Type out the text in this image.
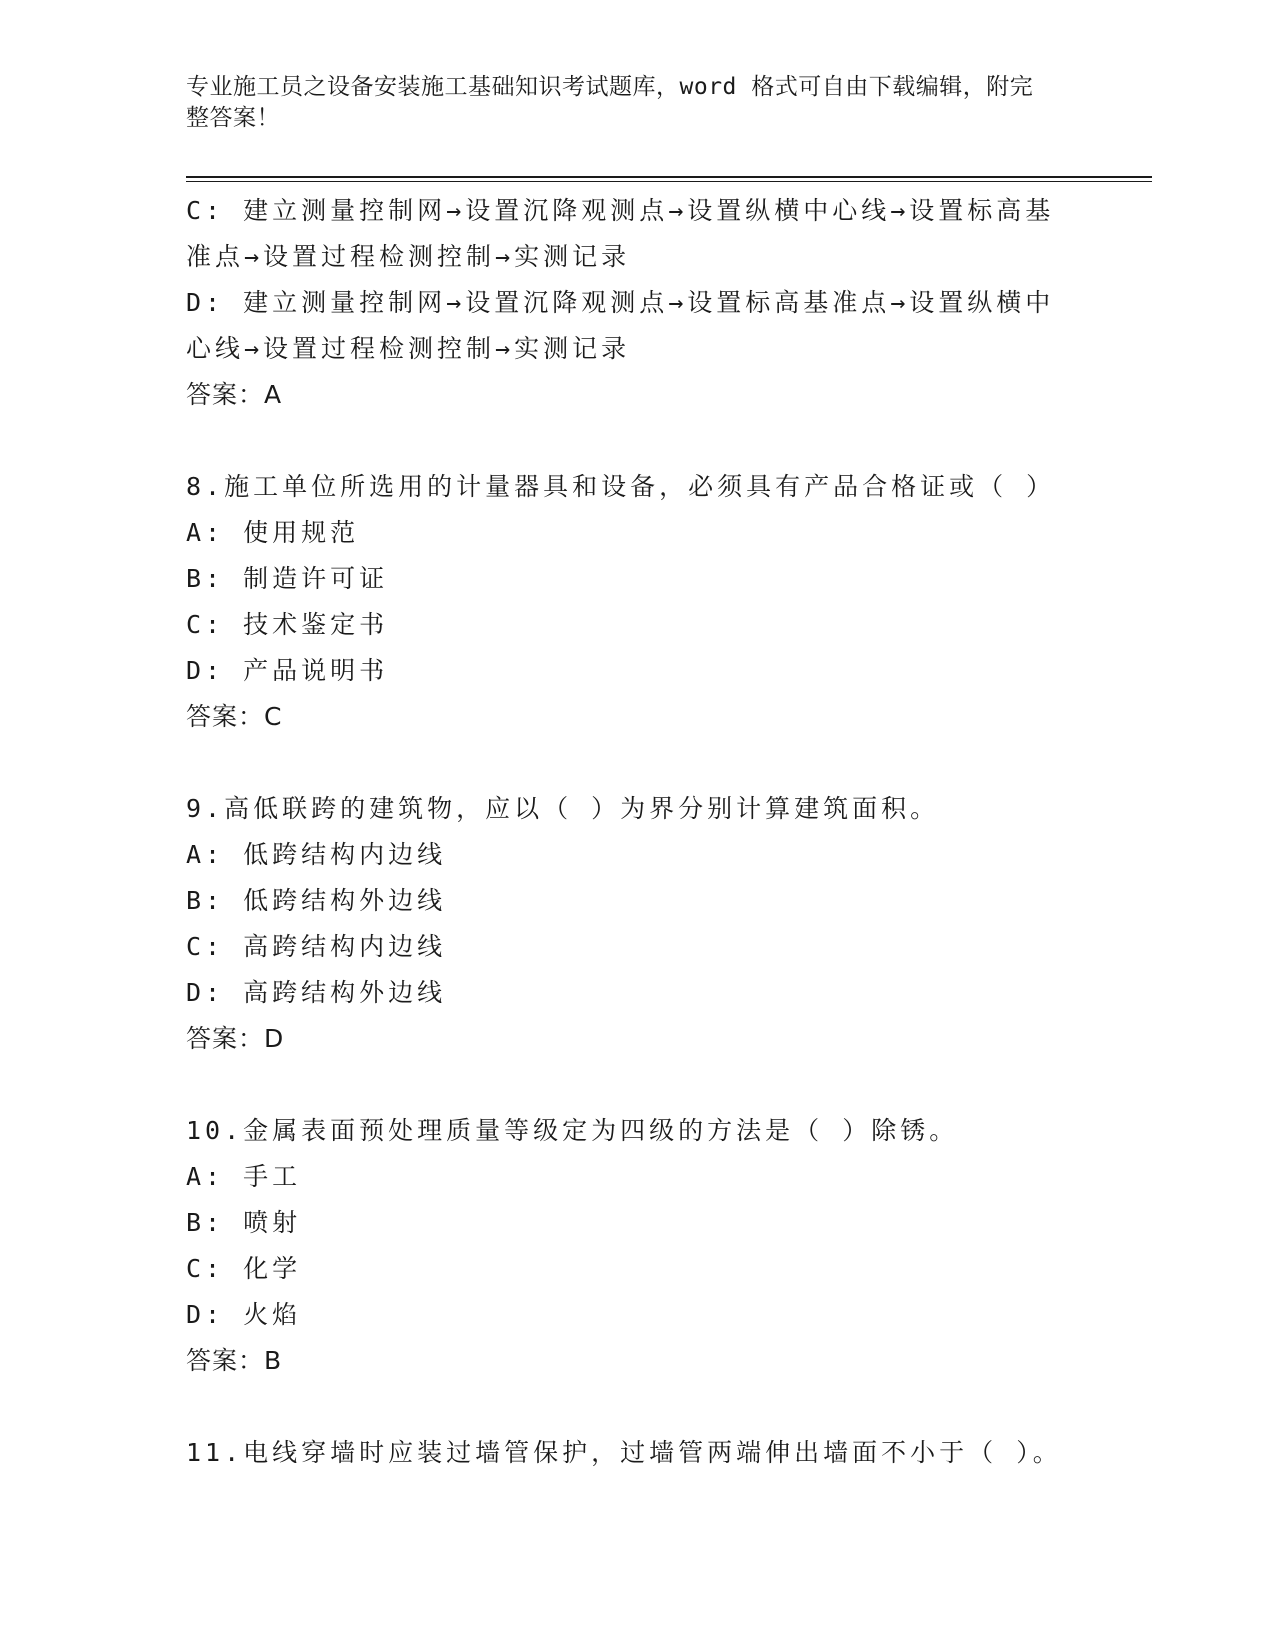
专业施工员之设备安装施工基础知识考试题库，word 格式可自由下载编辑，附完
整答案！
C: 建立测量控制网→设置沉降观测点→设置纵横中心线→设置标高基
准点→设置过程检测控制→实测记录
D: 建立测量控制网→设置沉降观测点→设置标高基准点→设置纵横中
心线→设置过程检测控制→实测记录
答案：A
8.施工单位所选用的计量器具和设备，必须具有产品合格证或（ ）
A: 使用规范
B: 制造许可证
C: 技术鉴定书
D: 产品说明书
答案：C
9.高低联跨的建筑物，应以（ ）为界分别计算建筑面积。
A: 低跨结构内边线
B: 低跨结构外边线
C: 高跨结构内边线
D: 高跨结构外边线
答案：D
10.金属表面预处理质量等级定为四级的方法是（ ）除锈。
A: 手工
B: 喷射
C: 化学
D: 火焰
答案：B
11.电线穿墙时应装过墙管保护，过墙管两端伸出墙面不小于（ ）。
